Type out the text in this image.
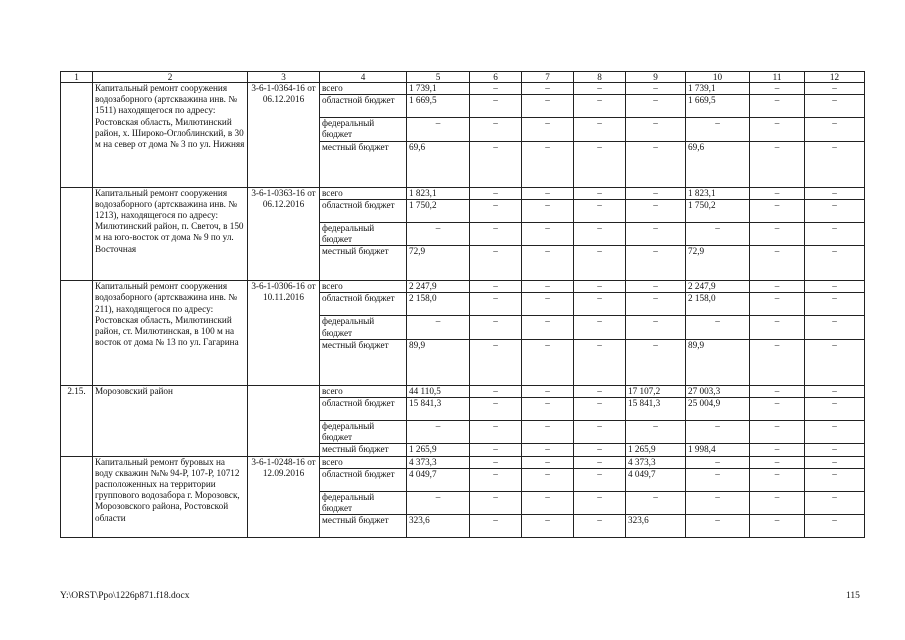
1	2	3	4	5	6	7	8	9	10	11	12
	Капитальный ремонт сооружения водозаборного (артскважина инв. № 1511) находящегося по адресу: Ростовская область, Милютинский район, х. Широко-Оглоблинский, в 30 м на север от дома № 3 по ул. Нижняя	3-6-1-0364-16 от 06.12.2016	всего	1 739,1	–	–	–	–	1 739,1	–	–
			областной бюджет	1 669,5	–	–	–	–	1 669,5	–	–
			федеральный бюджет	–	–	–	–	–	–	–	–
			местный бюджет	69,6	–	–	–	–	69,6	–	–
	Капитальный ремонт сооружения водозаборного (артскважина инв. № 1213), находящегося по адресу: Милютинский район, п. Светоч, в 150 м на юго-восток от дома № 9 по ул. Восточная	3-6-1-0363-16 от 06.12.2016	всего	1 823,1	–	–	–	–	1 823,1	–	–
			областной бюджет	1 750,2	–	–	–	–	1 750,2	–	–
			федеральный бюджет	–	–	–	–	–	–	–	–
			местный бюджет	72,9	–	–	–	–	72,9	–	–
	Капитальный ремонт сооружения водозаборного (артскважина инв. № 211), находящегося по адресу: Ростовская область, Милютинский район, ст. Милютинская, в 100 м на восток от дома № 13 по ул. Гагарина	3-6-1-0306-16 от 10.11.2016	всего	2 247,9	–	–	–	–	2 247,9	–	–
			областной бюджет	2 158,0	–	–	–	–	2 158,0	–	–
			федеральный бюджет	–	–	–	–	–	–	–	–
			местный бюджет	89,9	–	–	–	–	89,9	–	–
2.15.	Морозовский район		всего	44 110,5	–	–	–	17 107,2	27 003,3	–	–
			областной бюджет	15 841,3	–	–	–	15 841,3	25 004,9	–	–
			федеральный бюджет	–	–	–	–	–	–	–	–
			местный бюджет	1 265,9	–	–	–	1 265,9	1 998,4	–	–
	Капитальный ремонт буровых на воду скважин №№ 94-Р, 107-Р, 10712 расположенных на территории группового водозабора г. Морозовск, Морозовского района, Ростовской области	3-6-1-0248-16 от 12.09.2016	всего	4 373,3	–	–	–	4 373,3	–	–	–
			областной бюджет	4 049,7	–	–	–	4 049,7	–	–	–
			федеральный бюджет	–	–	–	–	–	–	–	–
			местный бюджет	323,6	–	–	–	323,6	–	–	–
Y:\ORST\Ppo\1226p871.f18.docx	115
